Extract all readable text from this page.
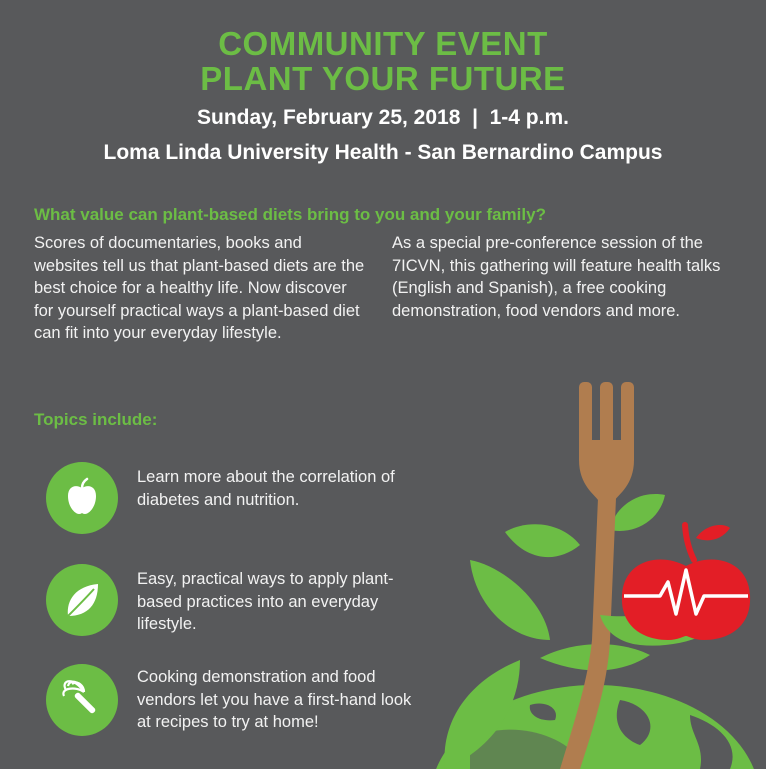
COMMUNITY EVENT
PLANT YOUR FUTURE
Sunday, February 25, 2018  |  1-4 p.m.
Loma Linda University Health - San Bernardino Campus
What value can plant-based diets bring to you and your family?
Scores of documentaries, books and websites tell us that plant-based diets are the best choice for a healthy life. Now discover for yourself practical ways a plant-based diet can fit into your everyday lifestyle.
As a special pre-conference session of the 7ICVN, this gathering will feature health talks (English and Spanish), a free cooking demonstration, food vendors and more.
Topics include:
Learn more about the correlation of diabetes and nutrition.
Easy, practical ways to apply plant-based practices into an everyday lifestyle.
Cooking demonstration and food vendors let you have a first-hand look at recipes to try at home!
